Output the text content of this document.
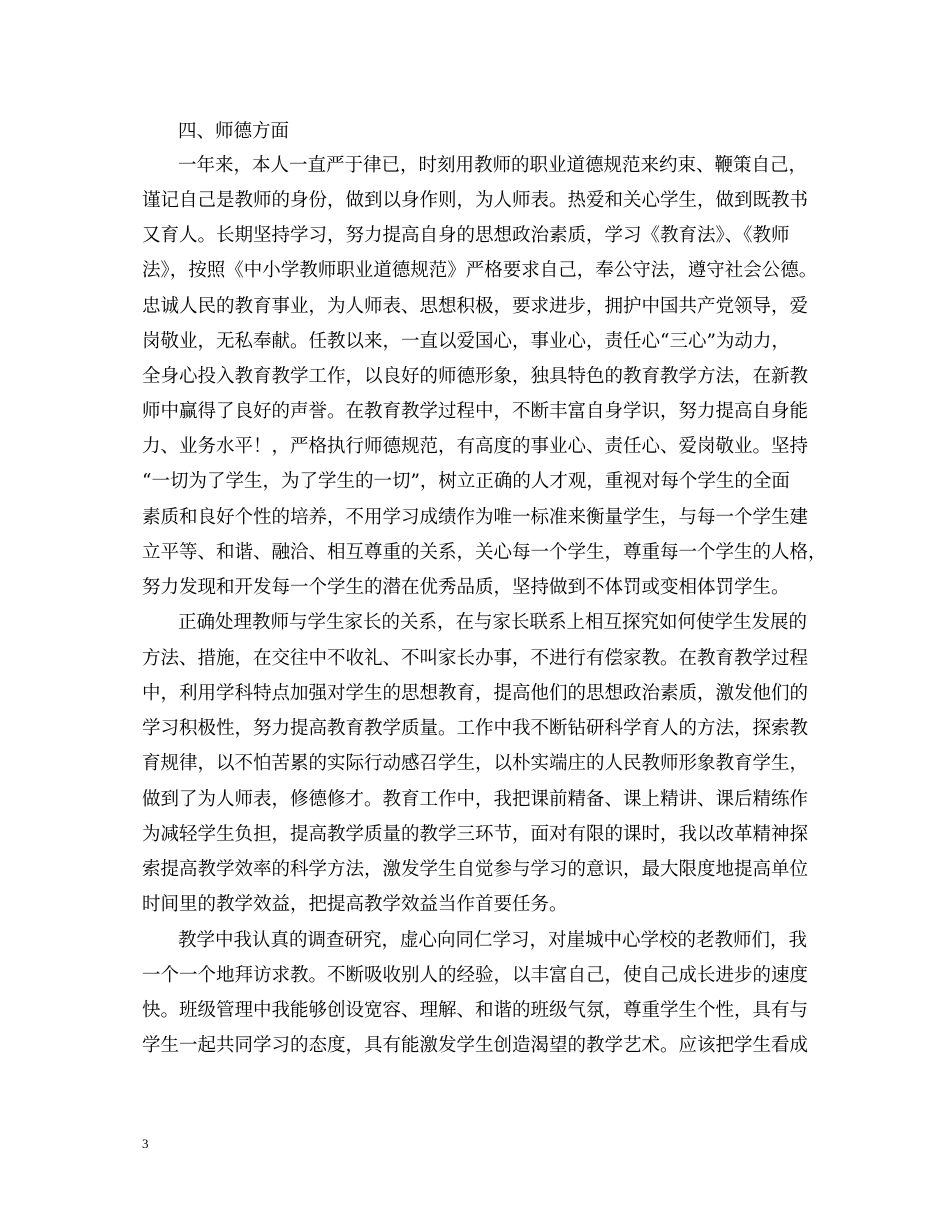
四、师德方面
一年来，本人一直严于律已，时刻用教师的职业道德规范来约束、鞭策自己，
谨记自己是教师的身份，做到以身作则，为人师表。热爱和关心学生，做到既教书
又育人。长期坚持学习，努力提高自身的思想政治素质，学习《教育法》、《教师
法》，按照《中小学教师职业道德规范》严格要求自己，奉公守法，遵守社会公德。
忠诚人民的教育事业，为人师表、思想积极，要求进步，拥护中国共产党领导，爱
岗敬业，无私奉献。任教以来，一直以爱国心，事业心，责任心“三心”为动力，
全身心投入教育教学工作，以良好的师德形象，独具特色的教育教学方法，在新教
师中赢得了良好的声誉。在教育教学过程中，不断丰富自身学识，努力提高自身能
力、业务水平！，严格执行师德规范，有高度的事业心、责任心、爱岗敬业。坚持
“一切为了学生，为了学生的一切”，树立正确的人才观，重视对每个学生的全面
素质和良好个性的培养，不用学习成绩作为唯一标准来衡量学生，与每一个学生建
立平等、和谐、融洽、相互尊重的关系，关心每一个学生，尊重每一个学生的人格，
努力发现和开发每一个学生的潜在优秀品质，坚持做到不体罚或变相体罚学生。
正确处理教师与学生家长的关系，在与家长联系上相互探究如何使学生发展的
方法、措施，在交往中不收礼、不叫家长办事，不进行有偿家教。在教育教学过程
中，利用学科特点加强对学生的思想教育，提高他们的思想政治素质，激发他们的
学习积极性，努力提高教育教学质量。工作中我不断钻研科学育人的方法，探索教
育规律，以不怕苦累的实际行动感召学生，以朴实端庄的人民教师形象教育学生，
做到了为人师表，修德修才。教育工作中，我把课前精备、课上精讲、课后精练作
为减轻学生负担，提高教学质量的教学三环节，面对有限的课时，我以改革精神探
索提高教学效率的科学方法，激发学生自觉参与学习的意识，最大限度地提高单位
时间里的教学效益，把提高教学效益当作首要任务。
教学中我认真的调查研究，虚心向同仁学习，对崖城中心学校的老教师们，我
一个一个地拜访求教。不断吸收别人的经验，以丰富自己，使自己成长进步的速度
快。班级管理中我能够创设宽容、理解、和谐的班级气氛，尊重学生个性，具有与
学生一起共同学习的态度，具有能激发学生创造渴望的教学艺术。应该把学生看成
3
